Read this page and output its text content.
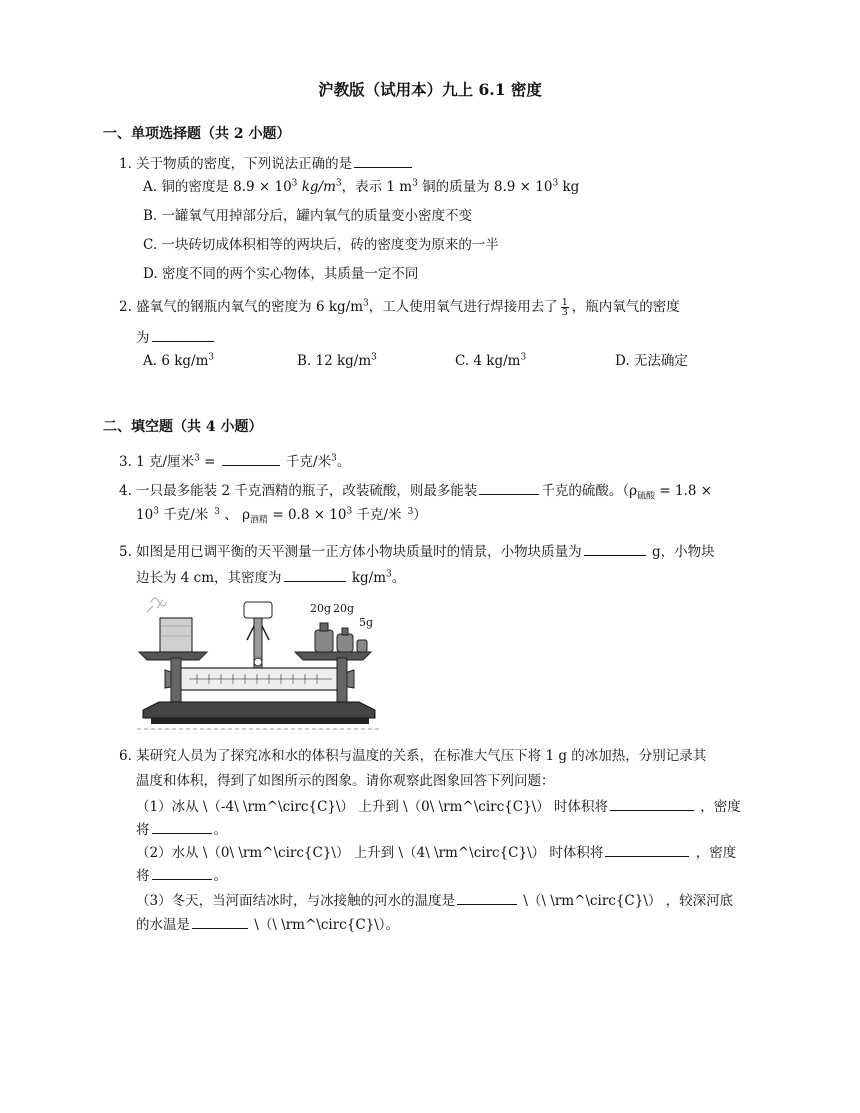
沪教版（试用本）九上 6.1 密度
一、单项选择题（共 2 小题）
1. 关于物质的密度，下列说法正确的是
A. 铜的密度是 $8.9 \times 10^3$ $kg/m^3$，表示 1 $m^3$ 铜的质量为 $8.9 \times 10^3$ kg
B. 一罐氧气用掉部分后，罐内氧气的质量变小密度不变
C. 一块砖切成体积相等的两块后，砖的密度变为原来的一半
D. 密度不同的两个实心物体，其质量一定不同
2. 盛氧气的钢瓶内氧气的密度为 6 $kg/m^3$，工人使用氧气进行焊接用去了 $\frac{1}{3}$ ，瓶内氧气的密度
为
A. 6 $kg/m^3$	B. 12 $kg/m^3$	C. 4 $kg/m^3$	D. 无法确定
二、填空题（共 4 小题）
3. 1 克/厘米$^3$ =	千克/米$^3$。
4. 一只最多能装 2 千克酒精的瓶子，改装硫酸，则最多能装	千克的硫酸。（$\rho_{硫酸} = 1.8$ ×
$10^3$ 千克/米 $^3$ 、 $\rho_{酒精} = 0.8 \times 10^3$ 千克/米 $^3$）
5. 如图是用已调平衡的天平测量一正方体小物块质量时的情景，小物块质量为	g，小物块
边长为 4 cm，其密度为	$kg/m^3$。
20g 20g
5g
6. 某研究人员为了探究冰和水的体积与温度的关系，在标准大气压下将 1 g 的冰加热，分别记录其
温度和体积，得到了如图所示的图象。请你观察此图象回答下列问题：
（1）冰从 \（-4\ \rm^\circ{C}\） 上升到 \（0\ \rm^\circ{C}\） 时体积将	，密度
将	。
（2）水从 \（0\ \rm^\circ{C}\） 上升到 \（4\ \rm^\circ{C}\） 时体积将	，密度
将	。
（3）冬天，当河面结冰时，与冰接触的河水的温度是	\（\ \rm^\circ{C}\） ，较深河底
的水温是	\（\ \rm^\circ{C}\）。
